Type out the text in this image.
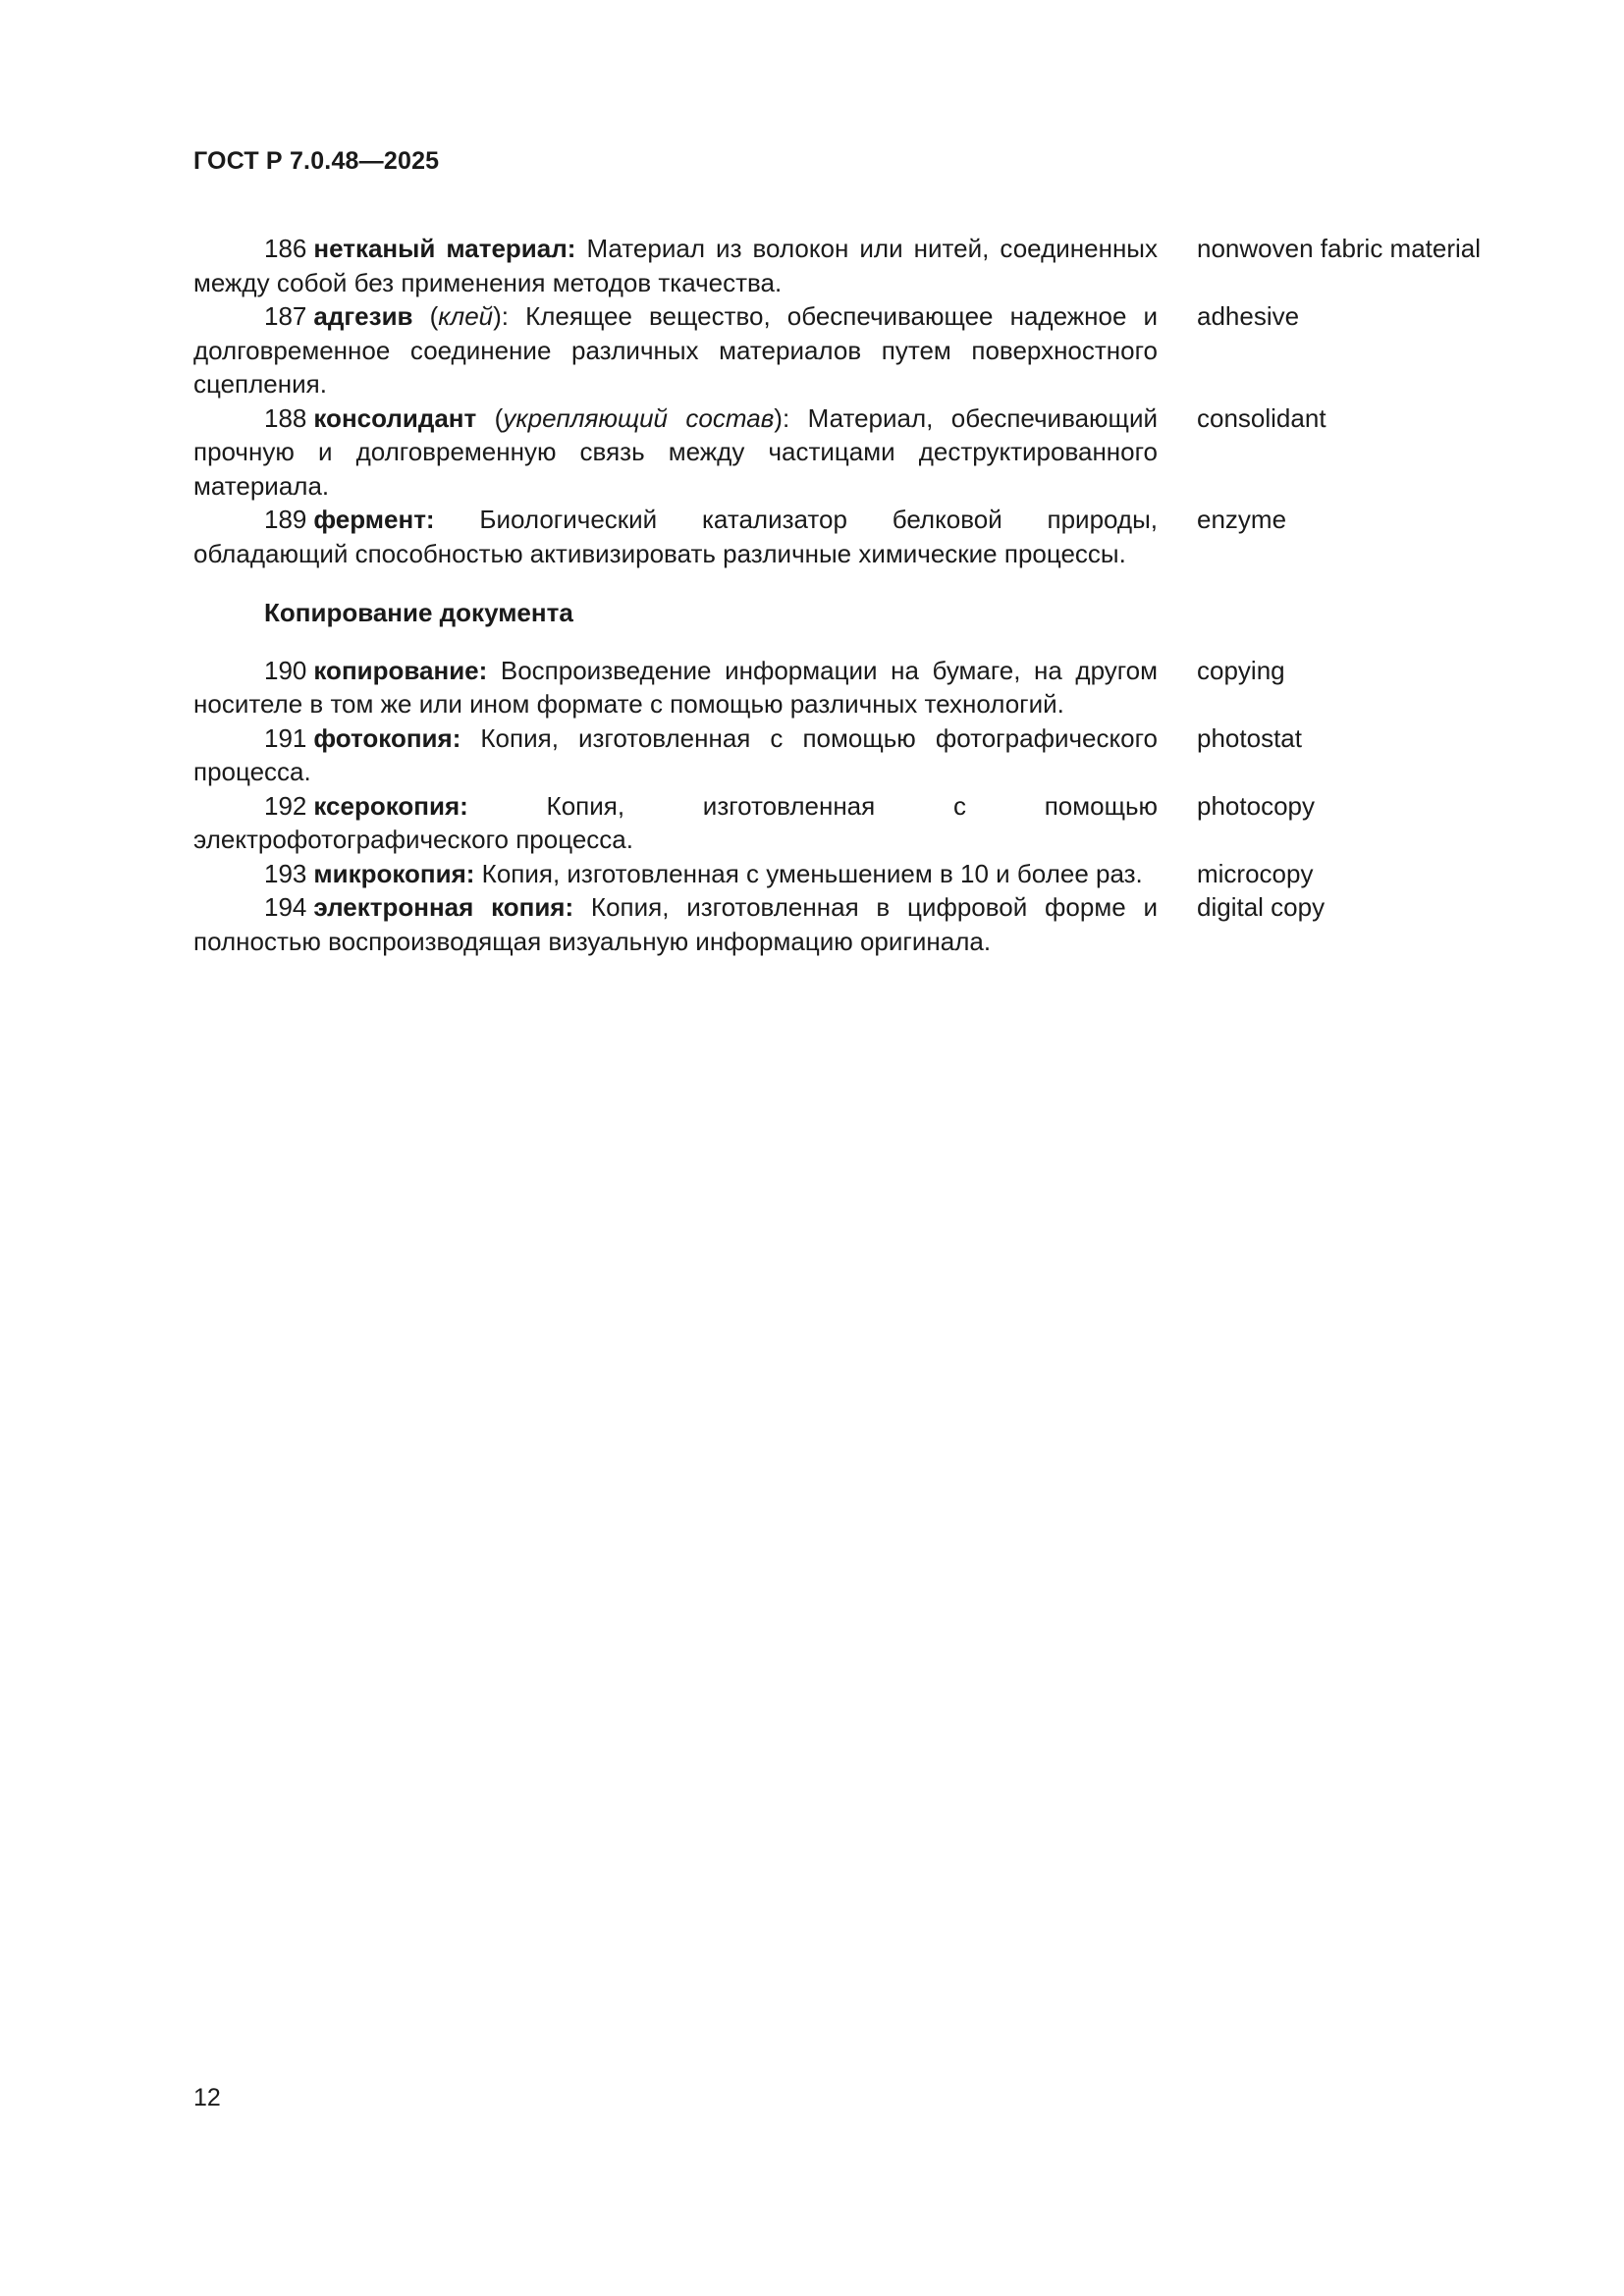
ГОСТ Р 7.0.48—2025
186 нетканый материал: Материал из волокон или нитей, соединенных между собой без применения методов ткачества.
nonwoven fabric material
187 адгезив (клей): Клеящее вещество, обеспечивающее надежное и долговременное соединение различных материалов путем поверхностного сцепления.
adhesive
188 консолидант (укрепляющий состав): Материал, обеспечивающий прочную и долговременную связь между частицами деструктированного материала.
consolidant
189 фермент: Биологический катализатор белковой природы, обладающий способностью активизировать различные химические процессы.
enzyme
Копирование документа
190 копирование: Воспроизведение информации на бумаге, на другом носителе в том же или ином формате с помощью различных технологий.
copying
191 фотокопия: Копия, изготовленная с помощью фотографического процесса.
photostat
192 ксерокопия: Копия, изготовленная с помощью электрофотографического процесса.
photocopy
193 микрокопия: Копия, изготовленная с уменьшением в 10 и более раз.	microcopy
194 электронная копия: Копия, изготовленная в цифровой форме и полностью воспроизводящая визуальную информацию оригинала.
digital copy
12
